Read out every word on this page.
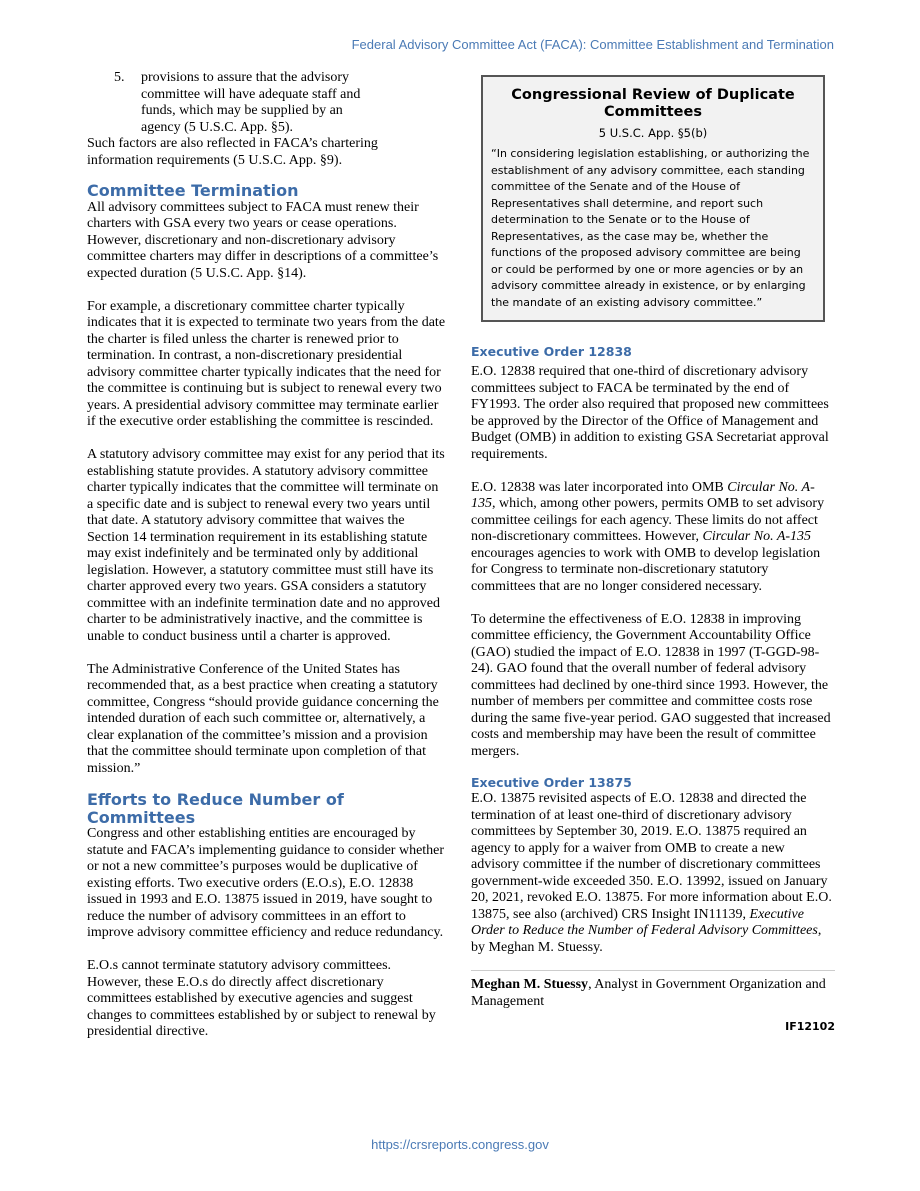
Federal Advisory Committee Act (FACA): Committee Establishment and Termination
5.	provisions to assure that the advisory committee will have adequate staff and funds, which may be supplied by an agency (5 U.S.C. App. §5).

Such factors are also reflected in FACA’s chartering information requirements (5 U.S.C. App. §9).

Committee Termination

All advisory committees subject to FACA must renew their charters with GSA every two years or cease operations. However, discretionary and non-discretionary advisory committee charters may differ in descriptions of a committee’s expected duration (5 U.S.C. App. §14).

For example, a discretionary committee charter typically indicates that it is expected to terminate two years from the date the charter is filed unless the charter is renewed prior to termination. In contrast, a non-discretionary presidential advisory committee charter typically indicates that the need for the committee is continuing but is subject to renewal every two years. A presidential advisory committee may terminate earlier if the executive order establishing the committee is rescinded.

A statutory advisory committee may exist for any period that its establishing statute provides. A statutory advisory committee charter typically indicates that the committee will terminate on a specific date and is subject to renewal every two years until that date. A statutory advisory committee that waives the Section 14 termination requirement in its establishing statute may exist indefinitely and be terminated only by additional legislation. However, a statutory committee must still have its charter approved every two years. GSA considers a statutory committee with an indefinite termination date and no approved charter to be administratively inactive, and the committee is unable to conduct business until a charter is approved.

The Administrative Conference of the United States has recommended that, as a best practice when creating a statutory committee, Congress “should provide guidance concerning the intended duration of each such committee or, alternatively, a clear explanation of the committee’s mission and a provision that the committee should terminate upon completion of that mission.”

Efforts to Reduce Number of Committees

Congress and other establishing entities are encouraged by statute and FACA’s implementing guidance to consider whether or not a new committee’s purposes would be duplicative of existing efforts. Two executive orders (E.O.s), E.O. 12838 issued in 1993 and E.O. 13875 issued in 2019, have sought to reduce the number of advisory committees in an effort to improve advisory committee efficiency and reduce redundancy.

E.O.s cannot terminate statutory advisory committees. However, these E.O.s do directly affect discretionary committees established by executive agencies and suggest changes to committees established by or subject to renewal by presidential directive.

Congressional Review of Duplicate Committees
5 U.S.C. App. §5(b)
“In considering legislation establishing, or authorizing the establishment of any advisory committee, each standing committee of the Senate and of the House of Representatives shall determine, and report such determination to the Senate or to the House of Representatives, as the case may be, whether the functions of the proposed advisory committee are being or could be performed by one or more agencies or by an advisory committee already in existence, or by enlarging the mandate of an existing advisory committee.”
Executive Order 12838

E.O. 12838 required that one-third of discretionary advisory committees subject to FACA be terminated by the end of FY1993. The order also required that proposed new committees be approved by the Director of the Office of Management and Budget (OMB) in addition to existing GSA Secretariat approval requirements.

E.O. 12838 was later incorporated into OMB Circular No. A-135, which, among other powers, permits OMB to set advisory committee ceilings for each agency. These limits do not affect non-discretionary committees. However, Circular No. A-135 encourages agencies to work with OMB to develop legislation for Congress to terminate non-discretionary statutory committees that are no longer considered necessary.

To determine the effectiveness of E.O. 12838 in improving committee efficiency, the Government Accountability Office (GAO) studied the impact of E.O. 12838 in 1997 (T-GGD-98-24). GAO found that the overall number of federal advisory committees had declined by one-third since 1993. However, the number of members per committee and committee costs rose during the same five-year period. GAO suggested that increased costs and membership may have been the result of committee mergers.

Executive Order 13875

E.O. 13875 revisited aspects of E.O. 12838 and directed the termination of at least one-third of discretionary advisory committees by September 30, 2019. E.O. 13875 required an agency to apply for a waiver from OMB to create a new advisory committee if the number of discretionary committees government-wide exceeded 350. E.O. 13992, issued on January 20, 2021, revoked E.O. 13875. For more information about E.O. 13875, see also (archived) CRS Insight IN11139, Executive Order to Reduce the Number of Federal Advisory Committees, by Meghan M. Stuessy.

Meghan M. Stuessy, Analyst in Government Organization and Management

IF12102
https://crsreports.congress.gov
